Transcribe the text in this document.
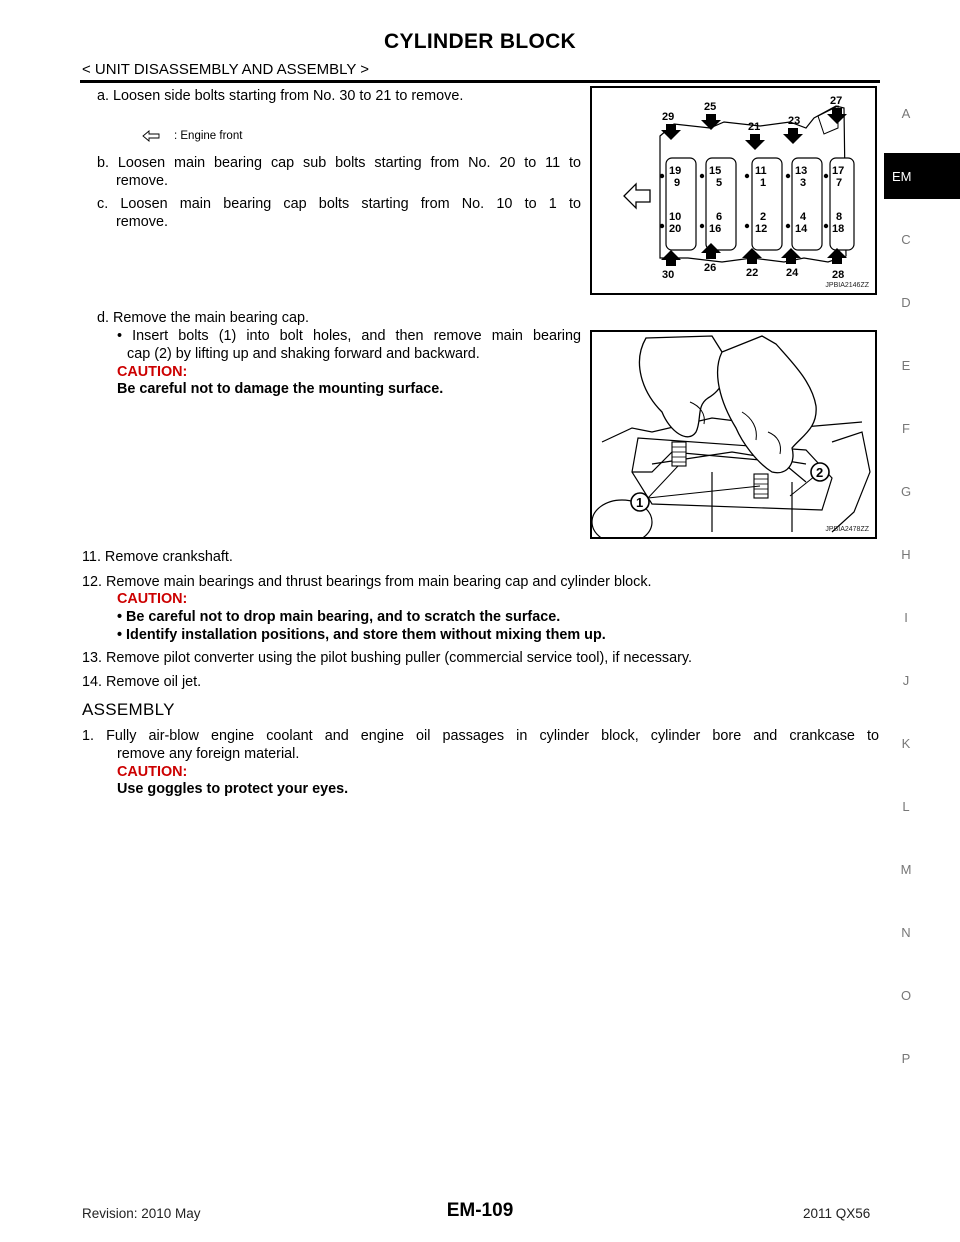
CYLINDER BLOCK
< UNIT DISASSEMBLY AND ASSEMBLY >
A
EM
C
D
E
F
G
H
I
J
K
L
M
N
O
P
a. Loosen side bolts starting from No. 30 to 21 to remove.
b. Loosen main bearing cap sub bolts starting from No. 20 to 11 to
remove.
c. Loosen main bearing cap bolts starting from No. 10 to 1 to
remove.
d. Remove the main bearing cap.
• Insert bolts (1) into bolt holes, and then remove main bearing
cap (2) by lifting up and shaking forward and backward.
CAUTION:
Be careful not to damage the mounting surface.
29
25
21	23
27
30
26	22	24	28
19
9
10
20
15
5
6
16
11
1
2
12
13
3
4
14
17
7
8
18
JPBIA2146ZZ
: Engine front
1
2
JPBIA2478ZZ
11. Remove crankshaft.
12. Remove main bearings and thrust bearings from main bearing cap and cylinder block.
CAUTION:
• Be careful not to drop main bearing, and to scratch the surface.
• Identify installation positions, and store them without mixing them up.
13. Remove pilot converter using the pilot bushing puller (commercial service tool), if necessary.
14. Remove oil jet.
ASSEMBLY
1. Fully air-blow engine coolant and engine oil passages in cylinder block, cylinder bore and crankcase to
remove any foreign material.
CAUTION:
Use goggles to protect your eyes.
Revision: 2010 May	EM-109	2011 QX56
